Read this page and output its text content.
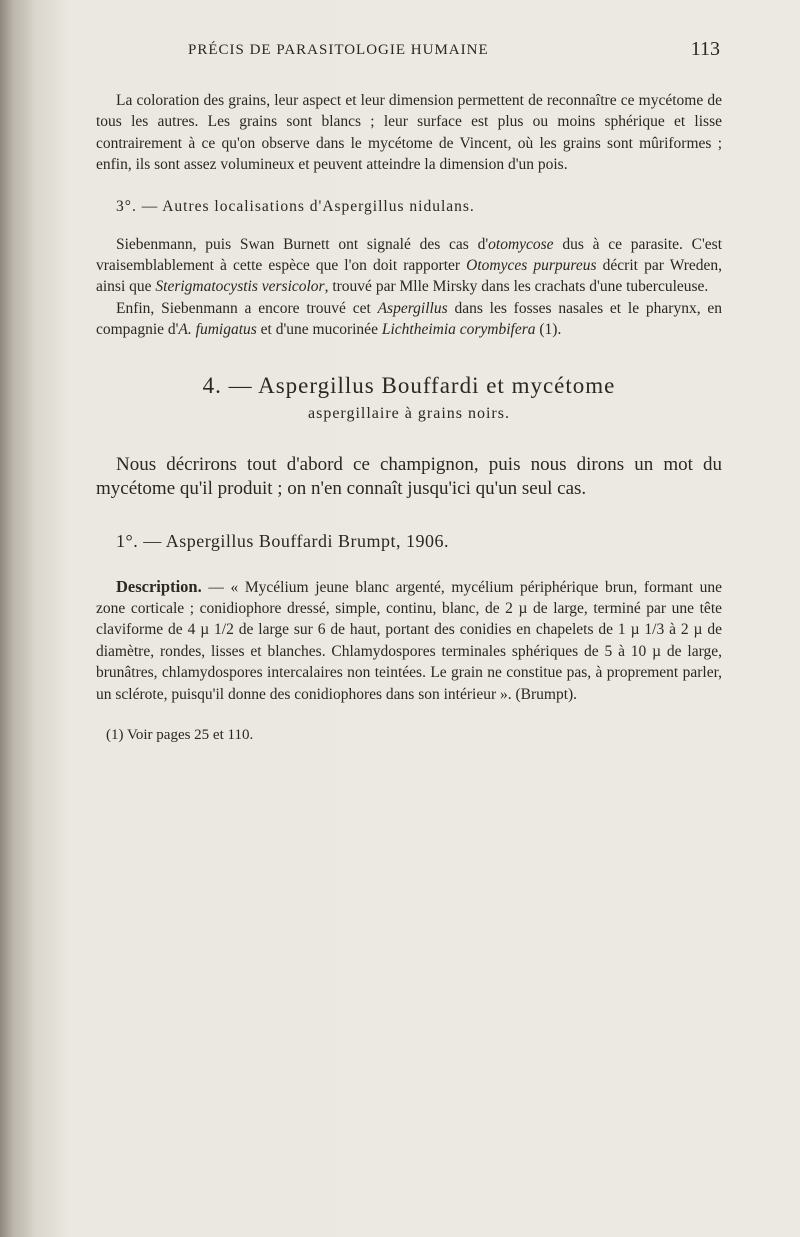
PRÉCIS DE PARASITOLOGIE HUMAINE	113

La coloration des grains, leur aspect et leur dimension permettent de reconnaître ce mycétome de tous les autres. Les grains sont blancs ; leur surface est plus ou moins sphérique et lisse contrairement à ce qu'on observe dans le mycétome de Vincent, où les grains sont mûriformes ; enfin, ils sont assez volumineux et peuvent atteindre la dimension d'un pois.

3°. — Autres localisations d'Aspergillus nidulans.

Siebenmann, puis Swan Burnett ont signalé des cas d'otomycose dus à ce parasite. C'est vraisemblablement à cette espèce que l'on doit rapporter Otomyces purpureus décrit par Wreden, ainsi que Sterigmatocystis versicolor, trouvé par Mlle Mirsky dans les crachats d'une tuberculeuse.

Enfin, Siebenmann a encore trouvé cet Aspergillus dans les fosses nasales et le pharynx, en compagnie d'A. fumigatus et d'une mucorinée Lichtheimia corymbifera (1).

4. — Aspergillus Bouffardi et mycétome
aspergillaire à grains noirs.

Nous décrirons tout d'abord ce champignon, puis nous dirons un mot du mycétome qu'il produit ; on n'en connaît jusqu'ici qu'un seul cas.

1°. — Aspergillus Bouffardi Brumpt, 1906.

Description. — « Mycélium jeune blanc argenté, mycélium périphérique brun, formant une zone corticale ; conidiophore dressé, simple, continu, blanc, de 2 µ de large, terminé par une tête claviforme de 4 µ 1/2 de large sur 6 de haut, portant des conidies en chapelets de 1 µ 1/3 à 2 µ de diamètre, rondes, lisses et blanches. Chlamydospores terminales sphériques de 5 à 10 µ de large, brunâtres, chlamydospores intercalaires non teintées. Le grain ne constitue pas, à proprement parler, un sclérote, puisqu'il donne des conidiophores dans son intérieur ». (Brumpt).

(1) Voir pages 25 et 110.
